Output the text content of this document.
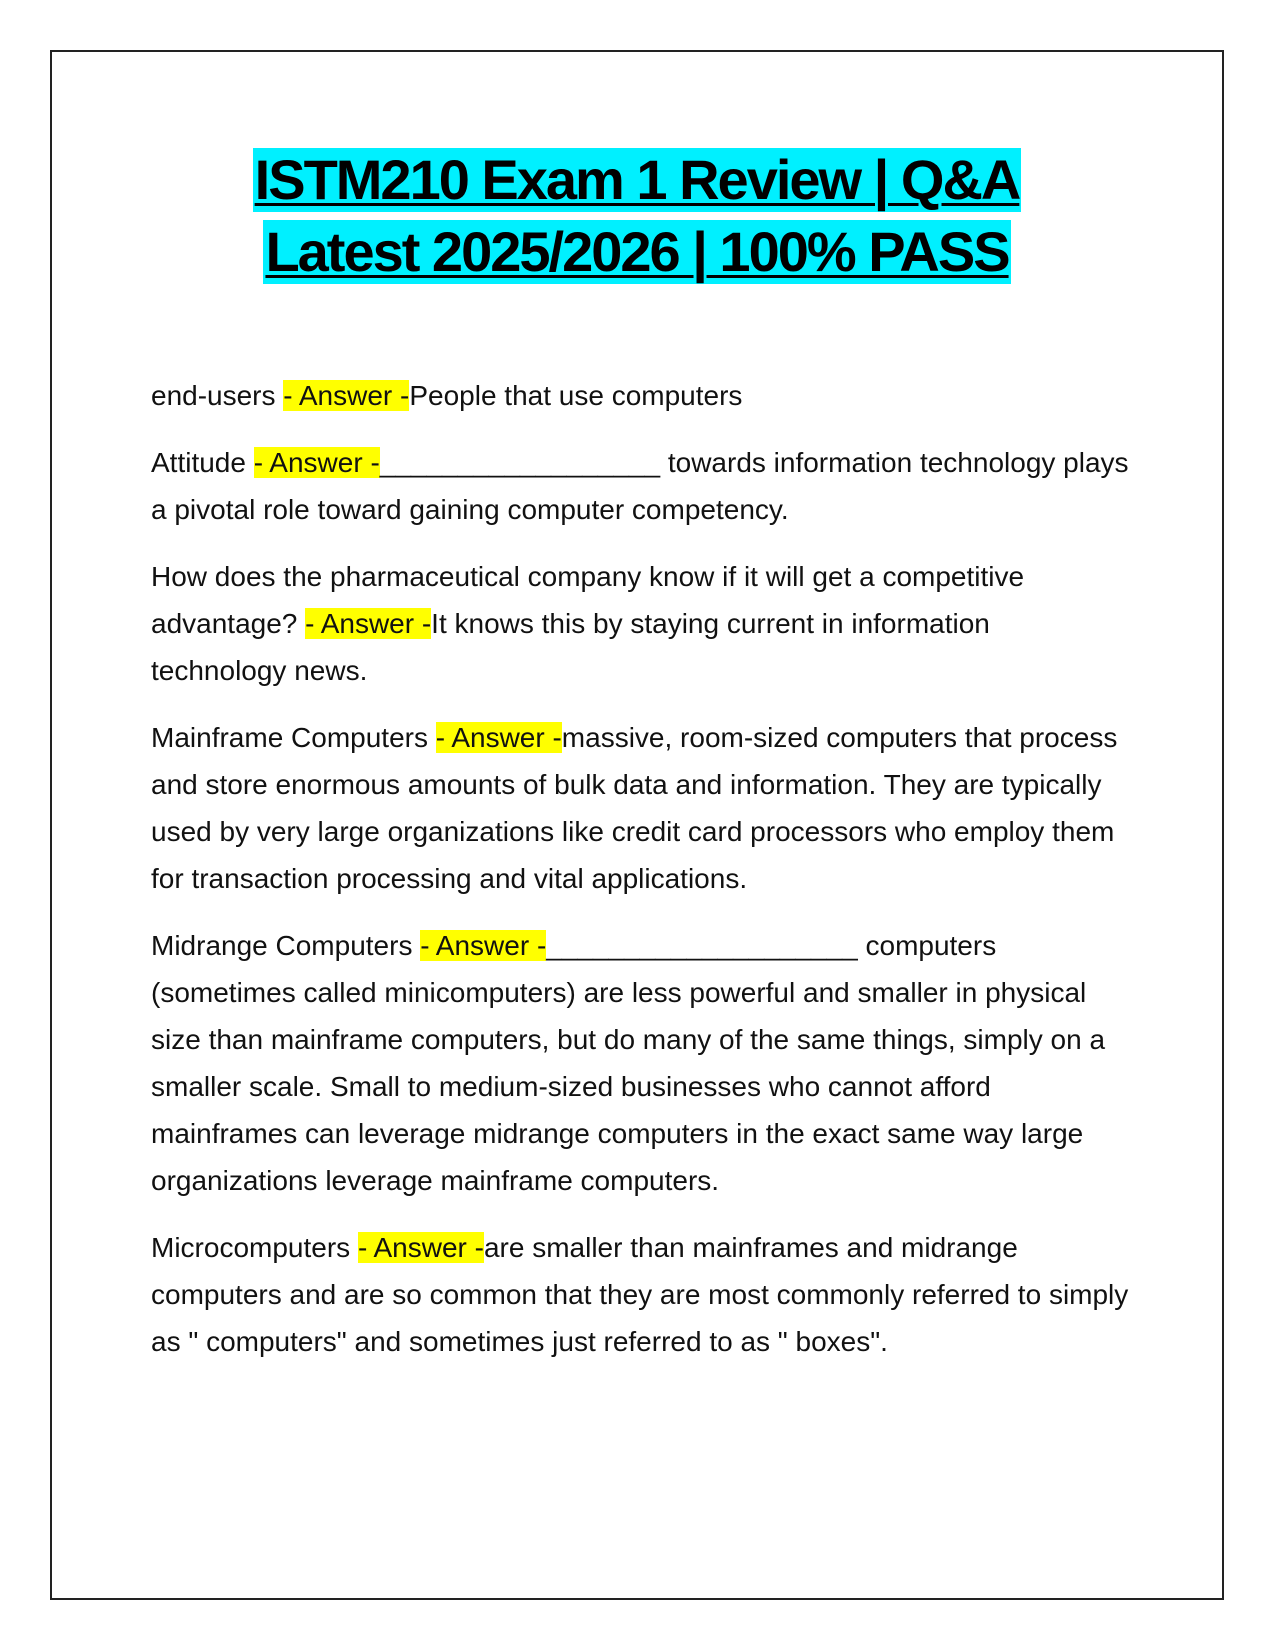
ISTM210 Exam 1 Review | Q&A
Latest 2025/2026 | 100% PASS

end-users - Answer -People that use computers

Attitude - Answer -__________________ towards information technology plays a pivotal role toward gaining computer competency.

How does the pharmaceutical company know if it will get a competitive advantage? - Answer -It knows this by staying current in information technology news.

Mainframe Computers - Answer -massive, room-sized computers that process and store enormous amounts of bulk data and information. They are typically used by very large organizations like credit card processors who employ them for transaction processing and vital applications.

Midrange Computers - Answer -____________________ computers (sometimes called minicomputers) are less powerful and smaller in physical size than mainframe computers, but do many of the same things, simply on a smaller scale. Small to medium-sized businesses who cannot afford mainframes can leverage midrange computers in the exact same way large organizations leverage mainframe computers.

Microcomputers - Answer -are smaller than mainframes and midrange computers and are so common that they are most commonly referred to simply as " computers" and sometimes just referred to as " boxes".
